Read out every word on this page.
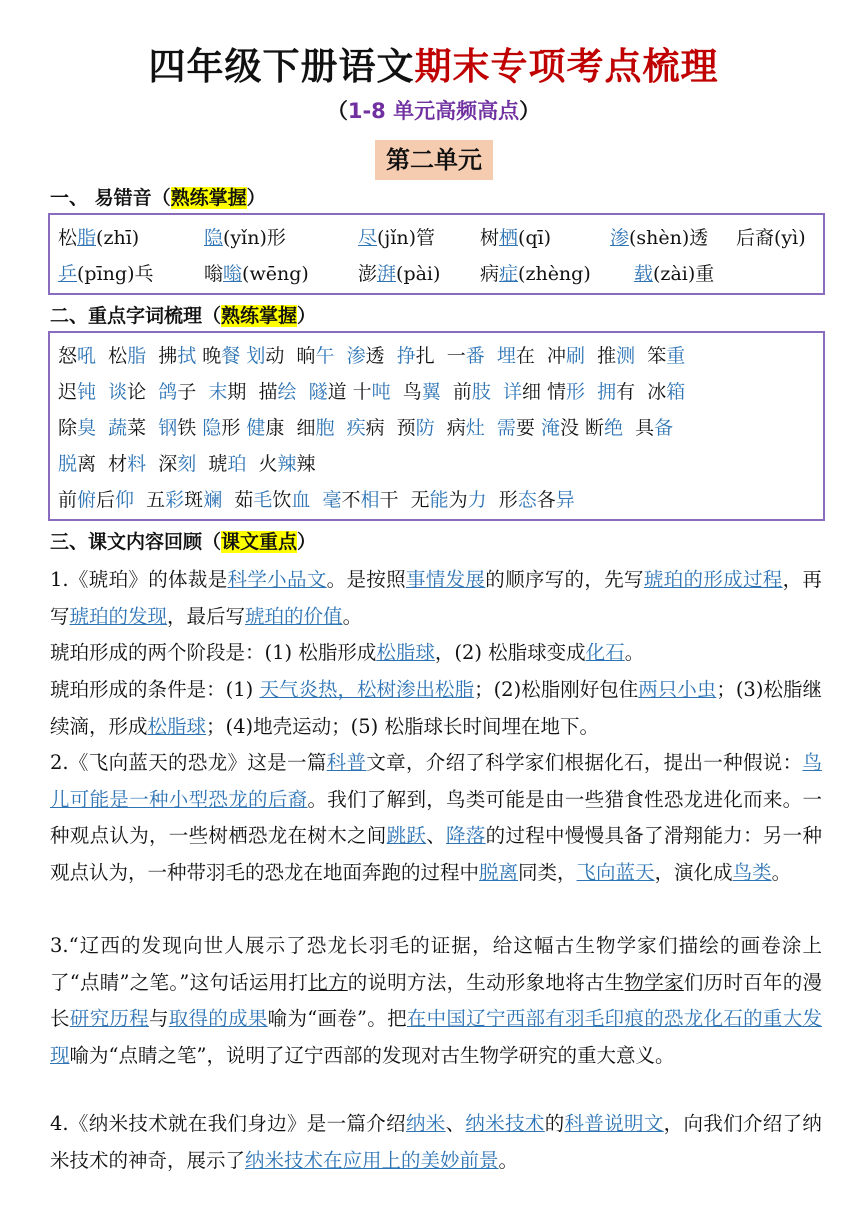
四年级下册语文期末专项考点梳理
（1-8 单元高频高点）
第二单元
一、 易错音（熟练掌握）
松脂(zhī)	隐(yǐn)形	尽(jǐn)管 树栖(qī)	渗(shèn)透 后裔(yì)
乒(pīng)乓	嗡嗡(wēng)	澎湃(pài) 病症(zhèng) 载(zài)重
二、重点字词梳理（熟练掌握）
怒吼  松脂  拂拭 晚餐 划动  晌午 渗透  挣扎  一番 埋在  冲刷  推测  笨重
迟钝 谈论  鸽子  末期  描绘 隧道 十吨  鸟翼  前肢 详细 情形 拥有  冰箱
除臭 蔬菜  钢铁 隐形 健康  细胞 疾病  预防  病灶 需要 淹没 断绝  具备
脱离  材料  深刻  琥珀  火辣辣
前俯后仰  五彩斑斓  茹毛饮血 毫不相干  无能为力  形态各异
三、课文内容回顾（课文重点）
1.《琥珀》的体裁是科学小品文。是按照事情发展的顺序写的，先写琥珀的形成过程，再写琥珀的发现，最后写琥珀的价值。
琥珀形成的两个阶段是：(1) 松脂形成松脂球，(2) 松脂球变成化石。
琥珀形成的条件是：(1) 天气炎热，松树渗出松脂；(2)松脂刚好包住两只小虫；(3)松脂继续滴，形成松脂球；(4)地壳运动；(5) 松脂球长时间埋在地下。
2.《飞向蓝天的恐龙》这是一篇科普文章，介绍了科学家们根据化石，提出一种假说：鸟儿可能是一种小型恐龙的后裔。我们了解到，鸟类可能是由一些猎食性恐龙进化而来。一种观点认为，一些树栖恐龙在树木之间跳跃、降落的过程中慢慢具备了滑翔能力：另一种观点认为，一种带羽毛的恐龙在地面奔跑的过程中脱离同类，飞向蓝天，演化成鸟类。
3.“辽西的发现向世人展示了恐龙长羽毛的证据，给这幅古生物学家们描绘的画卷涂上了“点睛”之笔。”这句话运用打比方的说明方法，生动形象地将古生物学家们历时百年的漫长研究历程与取得的成果喻为“画卷”。把在中国辽宁西部有羽毛印痕的恐龙化石的重大发现喻为“点睛之笔”，说明了辽宁西部的发现对古生物学研究的重大意义。
4.《纳米技术就在我们身边》是一篇介绍纳米、纳米技术的科普说明文，向我们介绍了纳米技术的神奇，展示了纳米技术在应用上的美妙前景。
